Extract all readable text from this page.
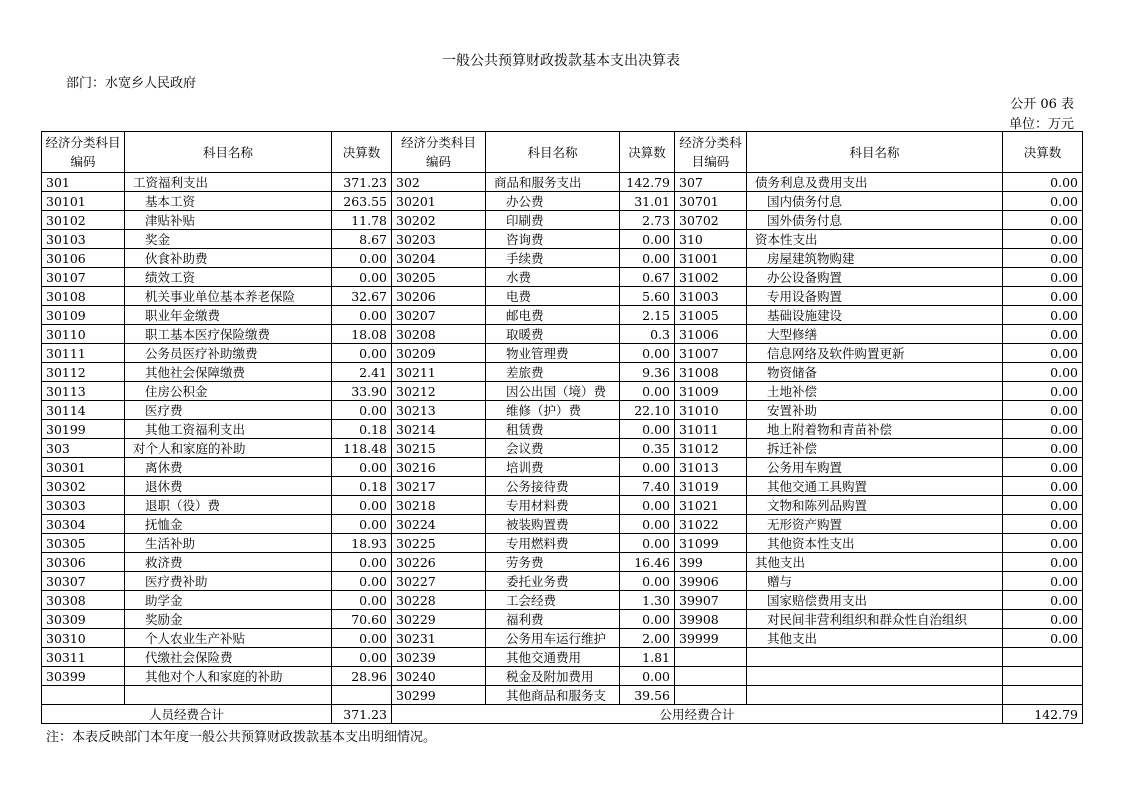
一般公共预算财政拨款基本支出决算表
部门：水宽乡人民政府
公开 06 表
单位：万元
经济分类科目编码	科目名称	决算数	经济分类科目编码	科目名称	决算数	经济分类科目编码	科目名称	决算数
301	工资福利支出	371.23	302	商品和服务支出	142.79	307	债务利息及费用支出	0.00
30101	基本工资	263.55	30201	办公费	31.01	30701	国内债务付息	0.00
30102	津贴补贴	11.78	30202	印刷费	2.73	30702	国外债务付息	0.00
30103	奖金	8.67	30203	咨询费	0.00	310	资本性支出	0.00
30106	伙食补助费	0.00	30204	手续费	0.00	31001	房屋建筑物购建	0.00
30107	绩效工资	0.00	30205	水费	0.67	31002	办公设备购置	0.00
30108	机关事业单位基本养老保险	32.67	30206	电费	5.60	31003	专用设备购置	0.00
30109	职业年金缴费	0.00	30207	邮电费	2.15	31005	基础设施建设	0.00
30110	职工基本医疗保险缴费	18.08	30208	取暖费	0.3	31006	大型修缮	0.00
30111	公务员医疗补助缴费	0.00	30209	物业管理费	0.00	31007	信息网络及软件购置更新	0.00
30112	其他社会保障缴费	2.41	30211	差旅费	9.36	31008	物资储备	0.00
30113	住房公积金	33.90	30212	因公出国（境）费	0.00	31009	土地补偿	0.00
30114	医疗费	0.00	30213	维修（护）费	22.10	31010	安置补助	0.00
30199	其他工资福利支出	0.18	30214	租赁费	0.00	31011	地上附着物和青苗补偿	0.00
303	对个人和家庭的补助	118.48	30215	会议费	0.35	31012	拆迁补偿	0.00
30301	离休费	0.00	30216	培训费	0.00	31013	公务用车购置	0.00
30302	退休费	0.18	30217	公务接待费	7.40	31019	其他交通工具购置	0.00
30303	退职（役）费	0.00	30218	专用材料费	0.00	31021	文物和陈列品购置	0.00
30304	抚恤金	0.00	30224	被装购置费	0.00	31022	无形资产购置	0.00
30305	生活补助	18.93	30225	专用燃料费	0.00	31099	其他资本性支出	0.00
30306	救济费	0.00	30226	劳务费	16.46	399	其他支出	0.00
30307	医疗费补助	0.00	30227	委托业务费	0.00	39906	赠与	0.00
30308	助学金	0.00	30228	工会经费	1.30	39907	国家赔偿费用支出	0.00
30309	奖励金	70.60	30229	福利费	0.00	39908	对民间非营利组织和群众性自治组织	0.00
30310	个人农业生产补贴	0.00	30231	公务用车运行维护	2.00	39999	其他支出	0.00
30311	代缴社会保险费	0.00	30239	其他交通费用	1.81			
30399	其他对个人和家庭的补助	28.96	30240	税金及附加费用	0.00			
			30299	其他商品和服务支	39.56			
人员经费合计		371.23	公用经费合计					142.79
注：本表反映部门本年度一般公共预算财政拨款基本支出明细情况。
